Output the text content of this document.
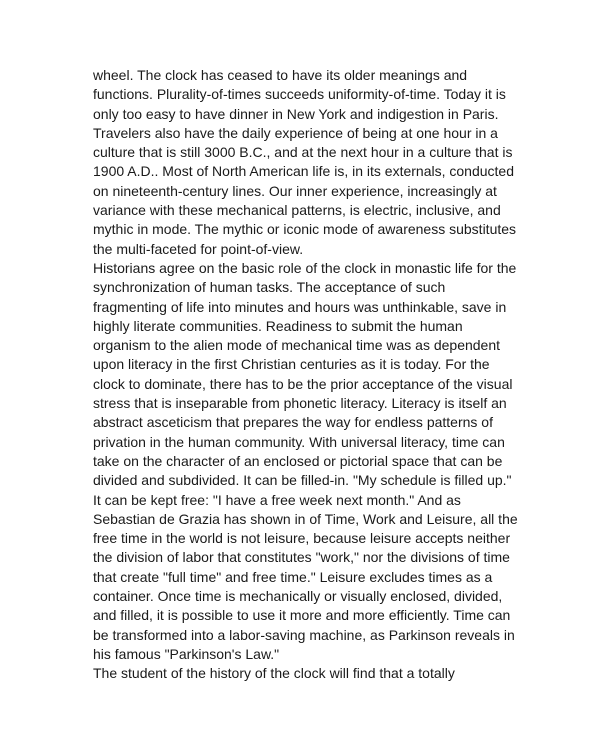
wheel. The clock has ceased to have its older meanings and
functions. Plurality-of-times succeeds uniformity-of-time. Today it is
only too easy to have dinner in New York and indigestion in Paris.
Travelers also have the daily experience of being at one hour in a
culture that is still 3000 B.C., and at the next hour in a culture that is
1900 A.D.. Most of North American life is, in its externals, conducted
on nineteenth-century lines. Our inner experience, increasingly at
variance with these mechanical patterns, is electric, inclusive, and
mythic in mode. The mythic or iconic mode of awareness substitutes
the multi-faceted for point-of-view.
Historians agree on the basic role of the clock in monastic life for the
synchronization of human tasks. The acceptance of such
fragmenting of life into minutes and hours was unthinkable, save in
highly literate communities. Readiness to submit the human
organism to the alien mode of mechanical time was as dependent
upon literacy in the first Christian centuries as it is today. For the
clock to dominate, there has to be the prior acceptance of the visual
stress that is inseparable from phonetic literacy. Literacy is itself an
abstract asceticism that prepares the way for endless patterns of
privation in the human community. With universal literacy, time can
take on the character of an enclosed or pictorial space that can be
divided and subdivided. It can be filled-in. "My schedule is filled up."
It can be kept free: "I have a free week next month." And as
Sebastian de Grazia has shown in of Time, Work and Leisure, all the
free time in the world is not leisure, because leisure accepts neither
the division of labor that constitutes "work," nor the divisions of time
that create "full time" and free time." Leisure excludes times as a
container. Once time is mechanically or visually enclosed, divided,
and filled, it is possible to use it more and more efficiently. Time can
be transformed into a labor-saving machine, as Parkinson reveals in
his famous "Parkinson's Law."
The student of the history of the clock will find that a totally
